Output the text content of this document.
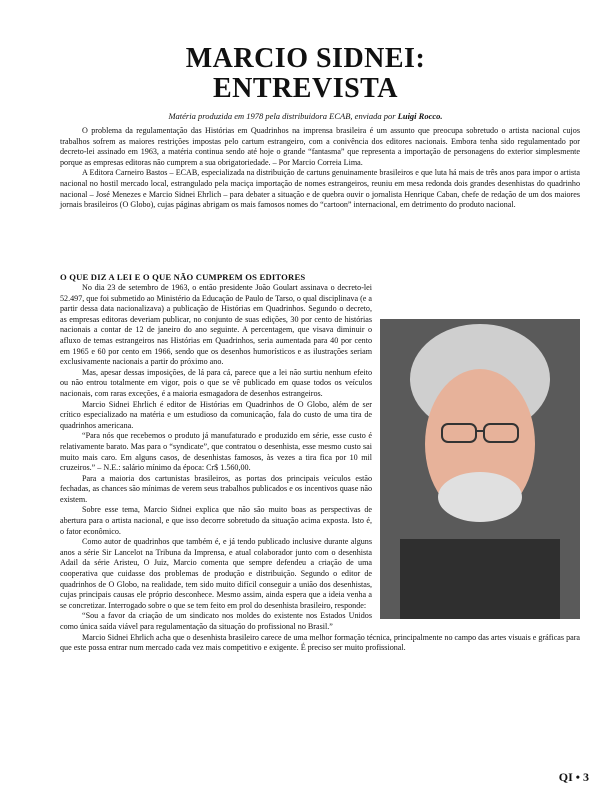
MARCIO SIDNEI:
ENTREVISTA
Matéria produzida em 1978 pela distribuidora ECAB, enviada por Luigi Rocco.

O problema da regulamentação das Histórias em Quadrinhos na imprensa brasileira é um assunto que preocupa sobretudo o artista nacional cujos trabalhos sofrem as maiores restrições impostas pelo cartum estrangeiro, com a conivência dos editores nacionais. Embora tenha sido regulamentado por decreto-lei assinado em 1963, a matéria continua sendo até hoje o grande “fantasma” que representa a importação de personagens do exterior simplesmente porque as empresas editoras não cumprem a sua obrigatoriedade. – Por Marcio Correia Lima.

A Editora Carneiro Bastos – ECAB, especializada na distribuição de cartuns genuinamente brasileiros e que luta há mais de três anos para impor o artista nacional no hostil mercado local, estrangulado pela maciça importação de nomes estrangeiros, reuniu em mesa redonda dois grandes desenhistas do quadrinho nacional – José Menezes e Marcio Sidnei Ehrlich – para debater a situação e de quebra ouvir o jornalista Henrique Caban, chefe de redação de um dos maiores jornais brasileiros (O Globo), cujas páginas abrigam os mais famosos nomes do “cartoon” internacional, em detrimento do produto nacional.

O QUE DIZ A LEI E O QUE NÃO CUMPREM OS EDITORES

No dia 23 de setembro de 1963, o então presidente João Goulart assinava o decreto-lei 52.497, que foi submetido ao Ministério da Educação de Paulo de Tarso, o qual disciplinava (e a partir dessa data nacionalizava) a publicação de Histórias em Quadrinhos. Segundo o decreto, as empresas editoras deveriam publicar, no conjunto de suas edições, 30 por cento de histórias nacionais a contar de 12 de janeiro do ano seguinte. A percentagem, que visava diminuir o afluxo de temas estrangeiros nas Histórias em Quadrinhos, seria aumentada para 40 por cento em 1965 e 60 por cento em 1966, sendo que os desenhos humorísticos e as ilustrações seriam exclusivamente nacionais a partir do próximo ano.

Mas, apesar dessas imposições, de lá para cá, parece que a lei não surtiu nenhum efeito ou não entrou totalmente em vigor, pois o que se vê publicado em quase todos os veículos nacionais, com raras exceções, é a maioria esmagadora de desenhos estrangeiros.

Marcio Sidnei Ehrlich é editor de Histórias em Quadrinhos de O Globo, além de ser crítico especializado na matéria e um estudioso da comunicação, fala do custo de uma tira de quadrinhos americana.

“Para nós que recebemos o produto já manufaturado e produzido em série, esse custo é relativamente barato. Mas para o “syndicate”, que contratou o desenhista, esse mesmo custo sai muito mais caro. Em alguns casos, de desenhistas famosos, às vezes a tira fica por 10 mil cruzeiros.” – N.E.: salário mínimo da época: Cr$ 1.560,00.

Para a maioria dos cartunistas brasileiros, as portas dos principais veículos estão fechadas, as chances são mínimas de verem seus trabalhos publicados e os incentivos quase não existem.

Sobre esse tema, Marcio Sidnei explica que não são muito boas as perspectivas de abertura para o artista nacional, e que isso decorre sobretudo da situação acima exposta. Isto é, o fator econômico.

Como autor de quadrinhos que também é, e já tendo publicado inclusive durante alguns anos a série Sir Lancelot na Tribuna da Imprensa, e atual colaborador junto com o desenhista Adail da série Aristeu, O Juiz, Marcio comenta que sempre defendeu a criação de uma cooperativa que cuidasse dos problemas de produção e distribuição. Segundo o editor de quadrinhos de O Globo, na realidade, tem sido muito difícil conseguir a união dos desenhistas, cujas principais causas ele próprio desconhece. Mesmo assim, ainda espera que a ideia venha a se concretizar. Interrogado sobre o que se tem feito em prol do desenhista brasileiro, responde:

“Sou a favor da criação de um sindicato nos moldes do existente nos Estados Unidos como única saída viável para regulamentação da situação do profissional no Brasil.”

Marcio Sidnei Ehrlich acha que o desenhista brasileiro carece de uma melhor formação técnica, principalmente no campo das artes visuais e gráficas para que este possa entrar num mercado cada vez mais competitivo e exigente. É preciso ser muito profissional.

QI • 3
